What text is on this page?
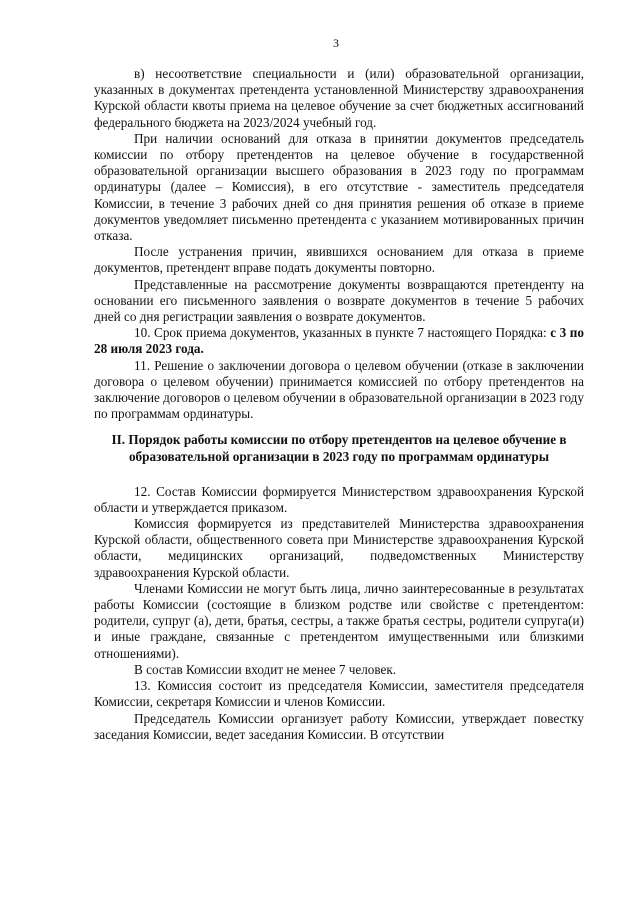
3

в) несоответствие специальности и (или) образовательной организации, указанных в документах претендента установленной Министерству здравоохранения Курской области квоты приема на целевое обучение за счет бюджетных ассигнований федерального бюджета на 2023/2024 учебный год.

При наличии оснований для отказа в принятии документов председатель комиссии по отбору претендентов на целевое обучение в государственной образовательной организации высшего образования в 2023 году по программам ординатуры (далее – Комиссия), в его отсутствие - заместитель председателя Комиссии, в течение 3 рабочих дней со дня принятия решения об отказе в приеме документов уведомляет письменно претендента с указанием мотивированных причин отказа.

После устранения причин, явившихся основанием для отказа в приеме документов, претендент вправе подать документы повторно.

Представленные на рассмотрение документы возвращаются претенденту на основании его письменного заявления о возврате документов в течение 5 рабочих дней со дня регистрации заявления о возврате документов.

10. Срок приема документов, указанных в пункте 7 настоящего Порядка: с 3 по 28 июля 2023 года.

11. Решение о заключении договора о целевом обучении (отказе в заключении договора о целевом обучении) принимается комиссией по отбору претендентов на заключение договоров о целевом обучении в образовательной организации в 2023 году по программам ординатуры.

II. Порядок работы комиссии по отбору претендентов на целевое обучение в образовательной организации в 2023 году по программам ординатуры

12. Состав Комиссии формируется Министерством здравоохранения Курской области и утверждается приказом.

Комиссия формируется из представителей Министерства здравоохранения Курской области, общественного совета при Министерстве здравоохранения Курской области, медицинских организаций, подведомственных Министерству здравоохранения Курской области.

Членами Комиссии не могут быть лица, лично заинтересованные в результатах работы Комиссии (состоящие в близком родстве или свойстве с претендентом: родители, супруг (а), дети, братья, сестры, а также братья сестры, родители супруга(и) и иные граждане, связанные с претендентом имущественными или близкими отношениями).

В состав Комиссии входит не менее 7 человек.

13. Комиссия состоит из председателя Комиссии, заместителя председателя Комиссии, секретаря Комиссии и членов Комиссии.

Председатель Комиссии организует работу Комиссии, утверждает повестку заседания Комиссии, ведет заседания Комиссии. В отсутствии
